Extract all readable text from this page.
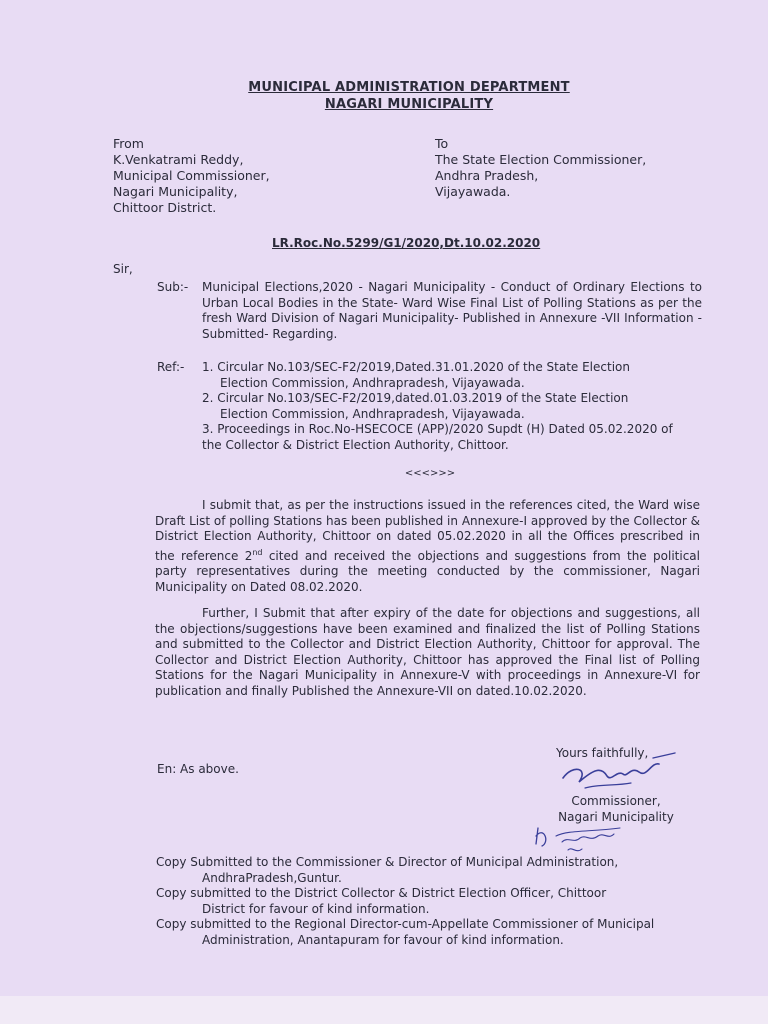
MUNICIPAL ADMINISTRATION DEPARTMENT
NAGARI MUNICIPALITY
From
K.Venkatrami Reddy,
Municipal Commissioner,
Nagari Municipality,
Chittoor District.
To
The State Election Commissioner,
Andhra Pradesh,
Vijayawada.
LR.Roc.No.5299/G1/2020,Dt.10.02.2020
Sir,
Sub:- Municipal Elections,2020 - Nagari Municipality - Conduct of Ordinary Elections to Urban Local Bodies in the State- Ward Wise Final List of Polling Stations as per the fresh Ward Division of Nagari Municipality- Published in Annexure -VII Information - Submitted- Regarding.
Ref:- 1. Circular No.103/SEC-F2/2019,Dated.31.01.2020 of the State Election
Election Commission, Andhrapradesh, Vijayawada.
2. Circular No.103/SEC-F2/2019,dated.01.03.2019 of the State Election
Election Commission, Andhrapradesh, Vijayawada.
3. Proceedings in Roc.No-HSECOCE (APP)/2020 Supdt (H) Dated 05.02.2020 of
the Collector & District Election Authority, Chittoor.
<<<>>>
I submit that, as per the instructions issued in the references cited, the Ward wise Draft List of polling Stations has been published in Annexure-I approved by the Collector & District Election Authority, Chittoor on dated 05.02.2020 in all the Offices prescribed in the reference 2nd cited and received the objections and suggestions from the political party representatives during the meeting conducted by the commissioner, Nagari Municipality on Dated 08.02.2020.
Further, I Submit that after expiry of the date for objections and suggestions, all the objections/suggestions have been examined and finalized the list of Polling Stations and submitted to the Collector and District Election Authority, Chittoor for approval. The Collector and District Election Authority, Chittoor has approved the Final list of Polling Stations for the Nagari Municipality in Annexure-V with proceedings in Annexure-VI for publication and finally Published the Annexure-VII on dated.10.02.2020.
Yours faithfully,
En: As above.
Commissioner,
Nagari Municipality
Copy Submitted to the Commissioner & Director of Municipal Administration,
AndhraPradesh,Guntur.
Copy submitted to the District Collector & District Election Officer, Chittoor
District for favour of kind information.
Copy submitted to the Regional Director-cum-Appellate Commissioner of Municipal
Administration, Anantapuram for favour of kind information.
